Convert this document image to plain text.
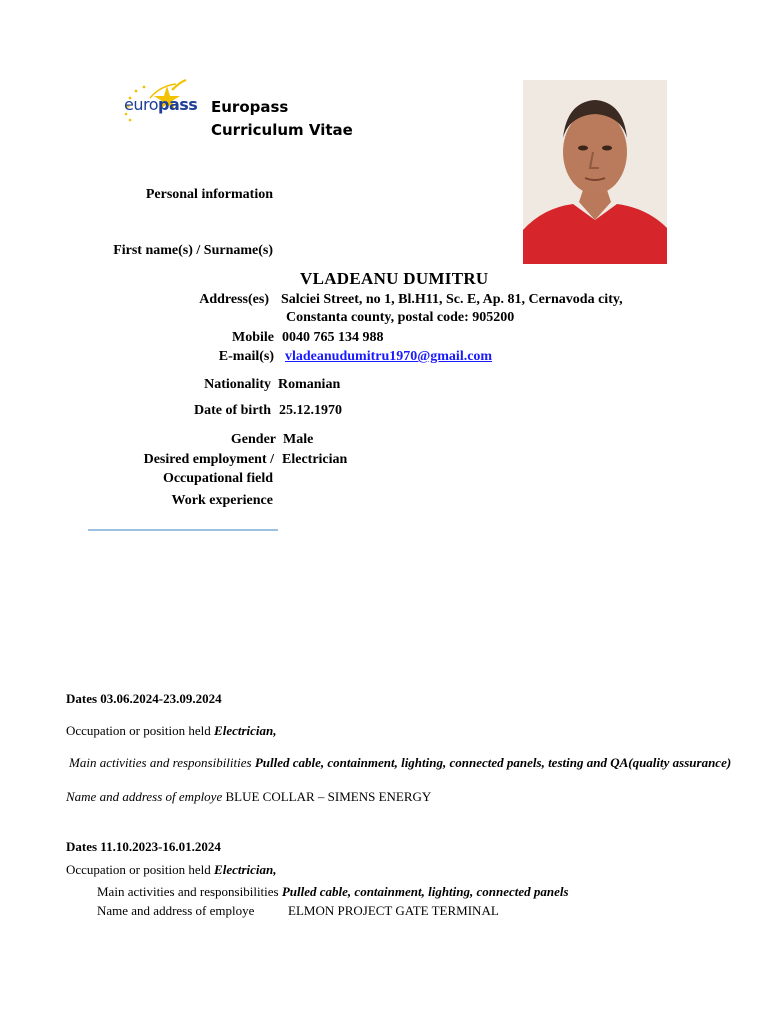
europass Europass
Curriculum Vitae
Personal information
First name(s) / Surname(s)
VLADEANU DUMITRU
Address(es) Salciei Street, no 1, Bl.H11, Sc. E, Ap. 81, Cernavoda city,
Constanta county, postal code: 905200
Mobile 0040 765 134 988
E-mail(s) vladeanudumitru1970@gmail.com
Nationality Romanian
Date of birth 25.12.1970
Gender Male
Desired employment /
Occupational field
Electrician
Work experience
Dates 03.06.2024-23.09.2024
Occupation or position held Electrician,
Main activities and responsibilities Pulled cable, containment, lighting, connected panels, testing and QA(quality assurance)
Name and address of employe BLUE COLLAR – SIMENS ENERGY
Dates 11.10.2023-16.01.2024
Occupation or position held Electrician,
Main activities and responsibilities Pulled cable, containment, lighting, connected panels
Name and address of employe	ELMON PROJECT GATE TERMINAL
